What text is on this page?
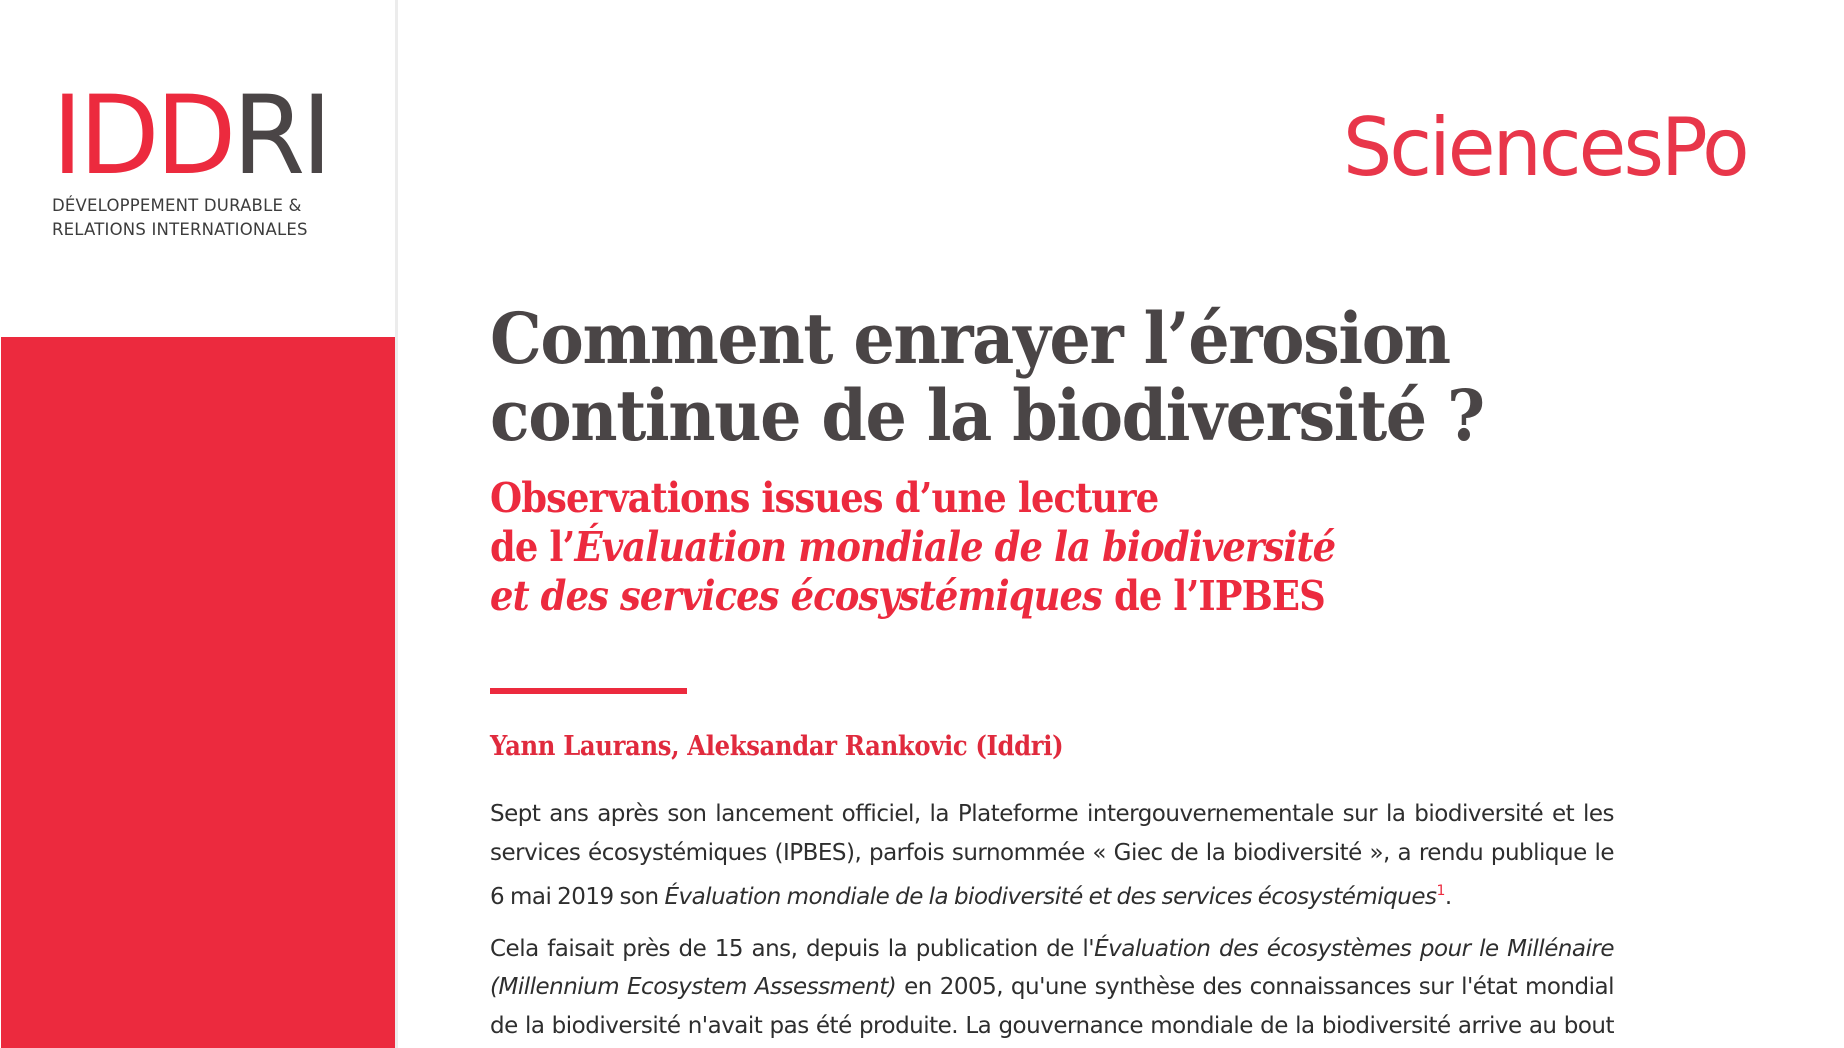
IDDRI
DÉVELOPPEMENT DURABLE &
RELATIONS INTERNATIONALES
SciencesPo
Comment enrayer l’érosion
continue de la biodiversité ?
Observations issues d’une lecture
de l’Évaluation mondiale de la biodiversité
et des services écosystémiques de l’IPBES
Yann Laurans, Aleksandar Rankovic (Iddri)

Sept ans après son lancement officiel, la Plateforme intergouvernementale sur la biodiversité et les
services écosystémiques (IPBES), parfois surnommée « Giec de la biodiversité », a rendu publique le
6 mai 2019 son Évaluation mondiale de la biodiversité et des services écosystémiques$^1$.

Cela faisait près de 15 ans, depuis la publication de l'Évaluation des écosystèmes pour le Millénaire
(Millennium Ecosystem Assessment) en 2005, qu'une synthèse des connaissances sur l'état mondial
de la biodiversité n'avait pas été produite. La gouvernance mondiale de la biodiversité arrive au bout
